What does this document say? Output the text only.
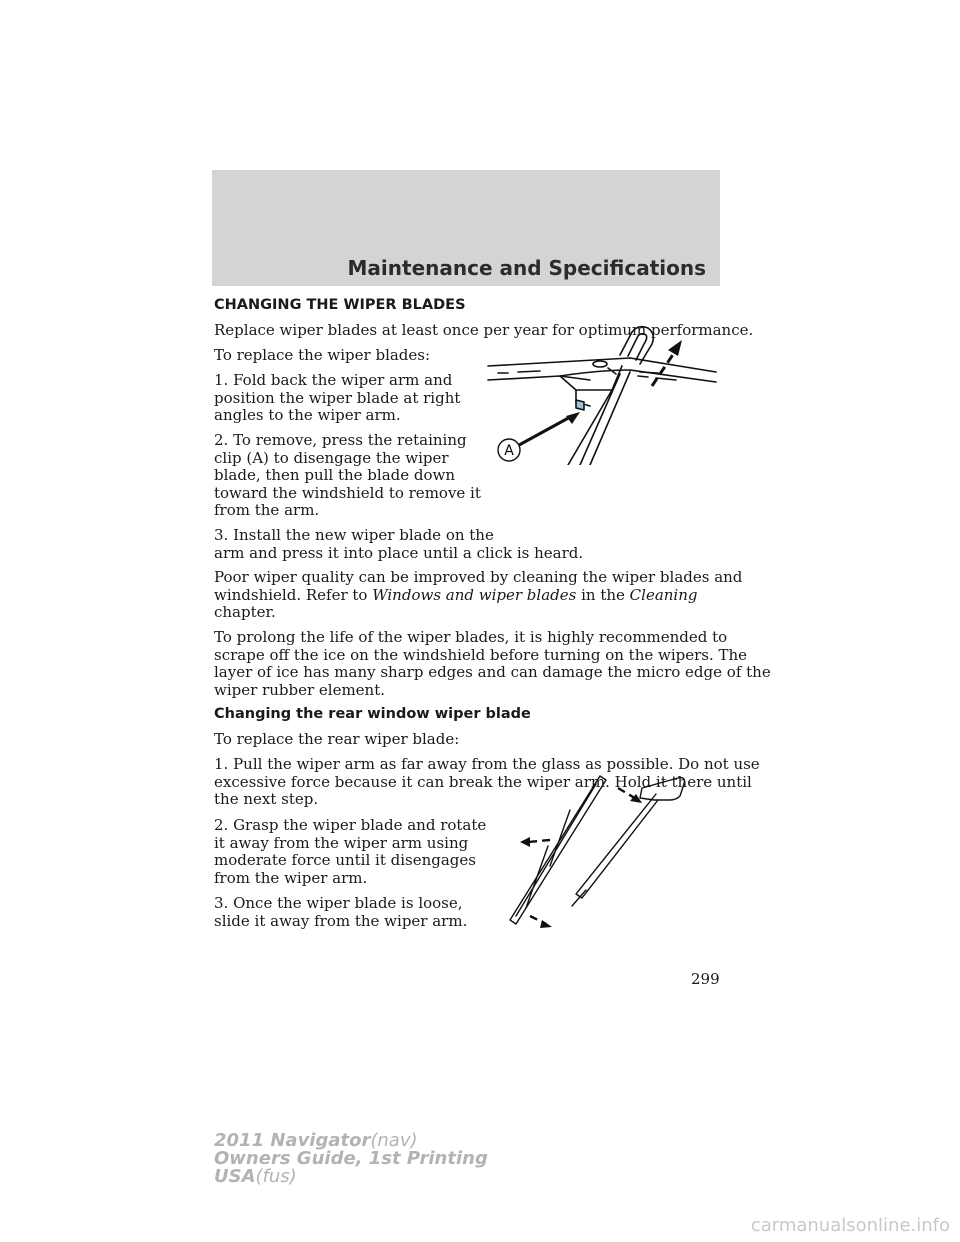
Maintenance and Specifications
CHANGING THE WIPER BLADES
Replace wiper blades at least once per year for optimum performance.
To replace the wiper blades:
1. Fold back the wiper arm and
position the wiper blade at right
angles to the wiper arm.
2. To remove, press the retaining
clip (A) to disengage the wiper
blade, then pull the blade down
toward the windshield to remove it
from the arm.
3. Install the new wiper blade on the
arm and press it into place until a click is heard.
Poor wiper quality can be improved by cleaning the wiper blades and
windshield. Refer to Windows and wiper blades in the Cleaning
chapter.
To prolong the life of the wiper blades, it is highly recommended to
scrape off the ice on the windshield before turning on the wipers. The
layer of ice has many sharp edges and can damage the micro edge of the
wiper rubber element.
Changing the rear window wiper blade
To replace the rear wiper blade:
1. Pull the wiper arm as far away from the glass as possible. Do not use
excessive force because it can break the wiper arm. Hold it there until
the next step.
2. Grasp the wiper blade and rotate
it away from the wiper arm using
moderate force until it disengages
from the wiper arm.
3. Once the wiper blade is loose,
slide it away from the wiper arm.
A
299
2011 Navigator(nav)
Owners Guide, 1st Printing
USA(fus)
carmanualsonline.info
